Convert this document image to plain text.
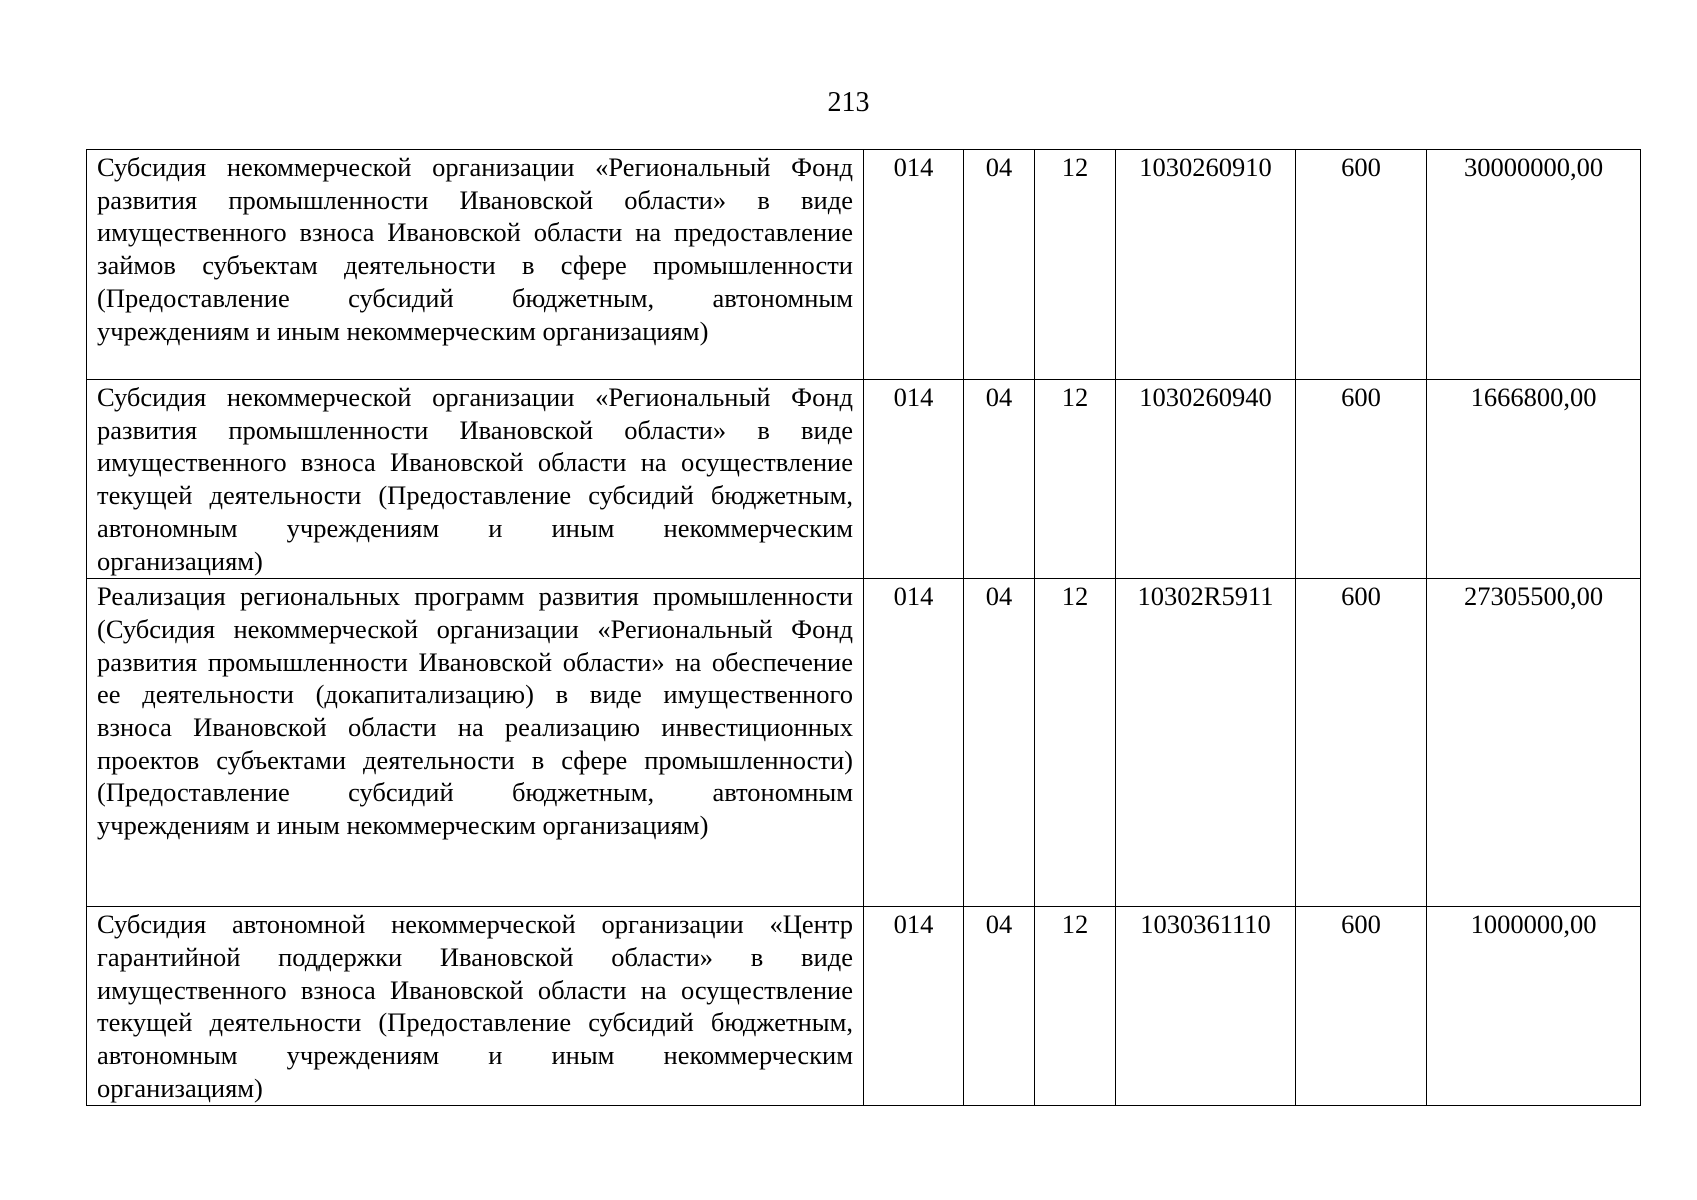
213
Субсидия некоммерческой организации «Региональный Фонд развития промышленности Ивановской области» в виде имущественного взноса Ивановской области на предоставление займов субъектам деятельности в сфере промышленности (Предоставление субсидий бюджетным, автономным учреждениям и иным некоммерческим организациям)	014	04	12	1030260910	600	30000000,00
Субсидия некоммерческой организации «Региональный Фонд развития промышленности Ивановской области» в виде имущественного взноса Ивановской области на осуществление текущей деятельности (Предоставление субсидий бюджетным, автономным учреждениям и иным некоммерческим организациям)	014	04	12	1030260940	600	1666800,00
Реализация региональных программ развития промышленности (Субсидия некоммерческой организации «Региональный Фонд развития промышленности Ивановской области» на обеспечение ее деятельности (докапитализацию) в виде имущественного взноса Ивановской области на реализацию инвестиционных проектов субъектами деятельности в сфере промышленности) (Предоставление субсидий бюджетным, автономным учреждениям и иным некоммерческим организациям)	014	04	12	10302R5911	600	27305500,00
Субсидия автономной некоммерческой организации «Центр гарантийной поддержки Ивановской области» в виде имущественного взноса Ивановской области на осуществление текущей деятельности (Предоставление субсидий бюджетным, автономным учреждениям и иным некоммерческим организациям)	014	04	12	1030361110	600	1000000,00
